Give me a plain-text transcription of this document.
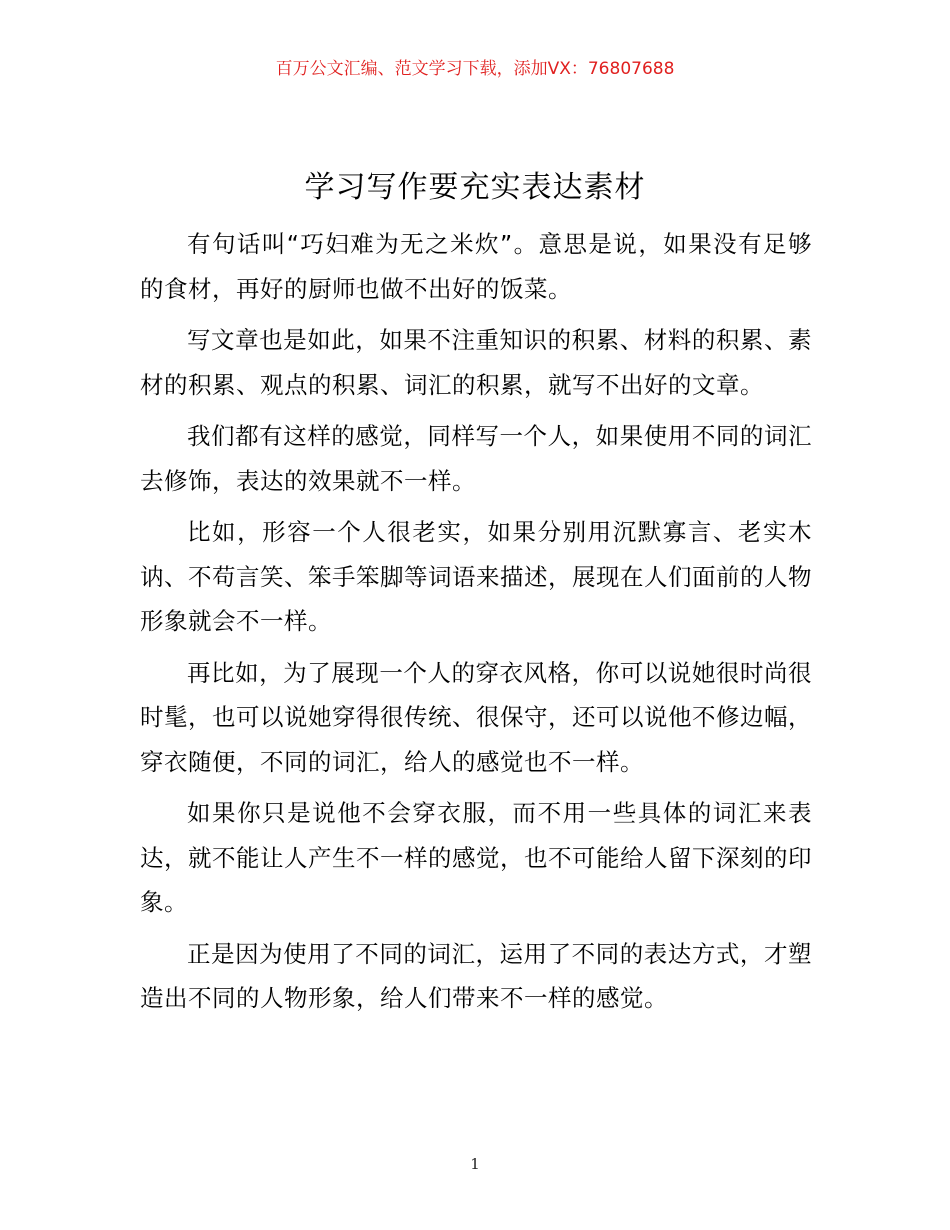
百万公文汇编、范文学习下载，添加VX：76807688
学习写作要充实表达素材

有句话叫“巧妇难为无之米炊”。意思是说，如果没有足够的食材，再好的厨师也做不出好的饭菜。

写文章也是如此，如果不注重知识的积累、材料的积累、素材的积累、观点的积累、词汇的积累，就写不出好的文章。

我们都有这样的感觉，同样写一个人，如果使用不同的词汇去修饰，表达的效果就不一样。

比如，形容一个人很老实，如果分别用沉默寡言、老实木讷、不苟言笑、笨手笨脚等词语来描述，展现在人们面前的人物形象就会不一样。

再比如，为了展现一个人的穿衣风格，你可以说她很时尚很时髦，也可以说她穿得很传统、很保守，还可以说他不修边幅，穿衣随便，不同的词汇，给人的感觉也不一样。

如果你只是说他不会穿衣服，而不用一些具体的词汇来表达，就不能让人产生不一样的感觉，也不可能给人留下深刻的印象。

正是因为使用了不同的词汇，运用了不同的表达方式，才塑造出不同的人物形象，给人们带来不一样的感觉。

1
